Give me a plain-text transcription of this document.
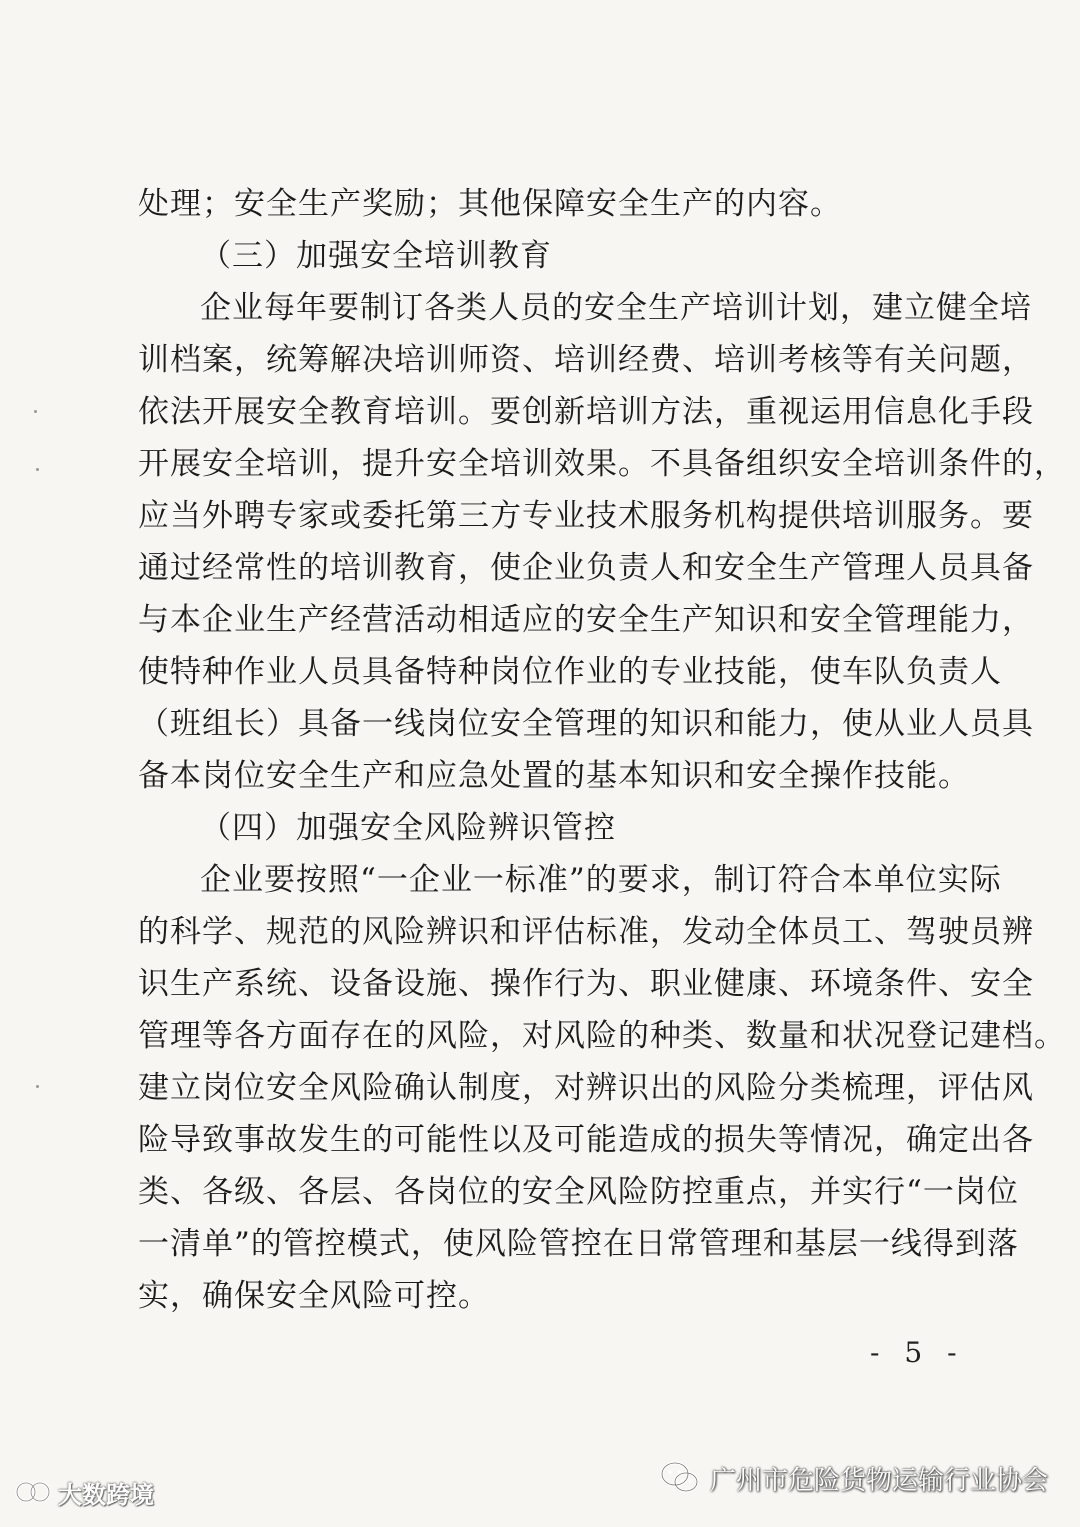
处理；安全生产奖励；其他保障安全生产的内容。
（三）加强安全培训教育
企业每年要制订各类人员的安全生产培训计划，建立健全培
训档案，统筹解决培训师资、培训经费、培训考核等有关问题，
依法开展安全教育培训。要创新培训方法，重视运用信息化手段
开展安全培训，提升安全培训效果。不具备组织安全培训条件的，
应当外聘专家或委托第三方专业技术服务机构提供培训服务。要
通过经常性的培训教育，使企业负责人和安全生产管理人员具备
与本企业生产经营活动相适应的安全生产知识和安全管理能力，
使特种作业人员具备特种岗位作业的专业技能，使车队负责人
（班组长）具备一线岗位安全管理的知识和能力，使从业人员具
备本岗位安全生产和应急处置的基本知识和安全操作技能。
（四）加强安全风险辨识管控
企业要按照“一企业一标准”的要求，制订符合本单位实际
的科学、规范的风险辨识和评估标准，发动全体员工、驾驶员辨
识生产系统、设备设施、操作行为、职业健康、环境条件、安全
管理等各方面存在的风险，对风险的种类、数量和状况登记建档。
建立岗位安全风险确认制度，对辨识出的风险分类梳理，评估风
险导致事故发生的可能性以及可能造成的损失等情况，确定出各
类、各级、各层、各岗位的安全风险防控重点，并实行“一岗位
一清单”的管控模式，使风险管控在日常管理和基层一线得到落
实，确保安全风险可控。
- 5 -
大数跨境	广州市危险货物运输行业协会
